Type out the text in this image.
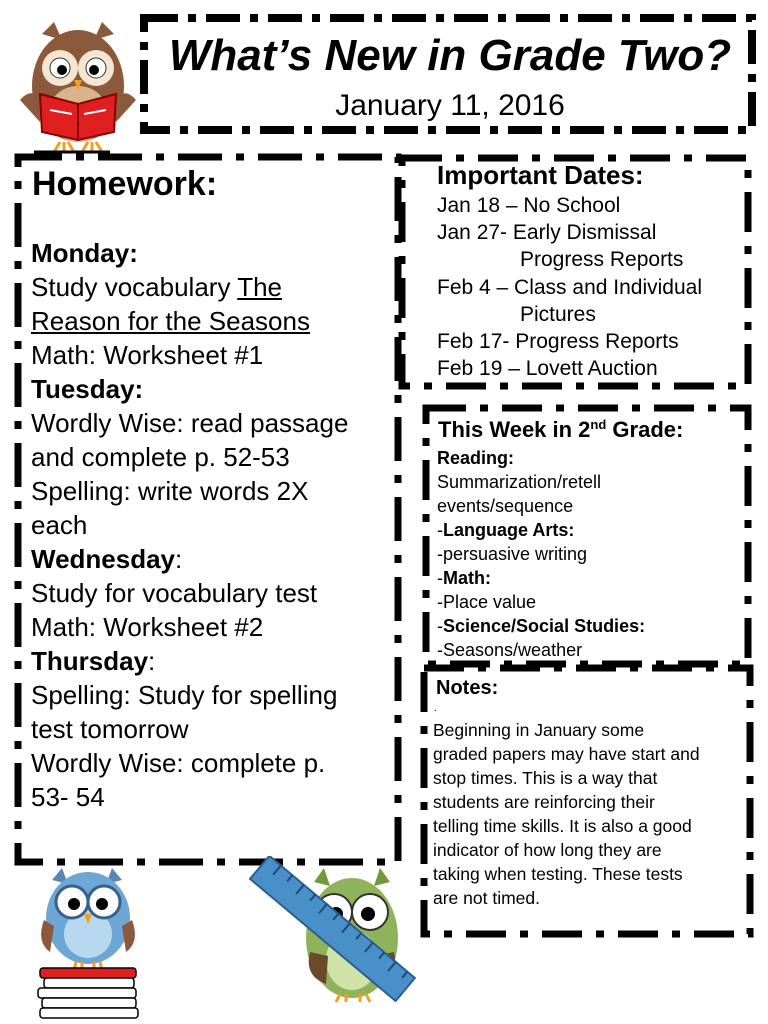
What’s New in Grade Two?
January 11, 2016
Homework:
Monday:
Study vocabulary The
Reason for the Seasons
Math: Worksheet #1
Tuesday:
Wordly Wise: read passage
and complete p. 52-53
Spelling: write words 2X
each
Wednesday:
Study for vocabulary test
Math: Worksheet #2
Thursday:
Spelling: Study for spelling
test tomorrow
Wordly Wise: complete p.
53- 54
Important Dates:
Jan 18 – No School
Jan 27- Early Dismissal
Progress Reports
Feb 4 – Class and Individual
Pictures
Feb 17- Progress Reports
Feb 19 – Lovett Auction
This Week in 2nd Grade:
Reading:
Summarization/retell
events/sequence
-Language Arts:
-persuasive writing
-Math:
-Place value
-Science/Social Studies:
-Seasons/weather
Notes:
.
Beginning in January some
graded papers may have start and
stop times. This is a way that
students are reinforcing their
telling time skills. It is also a good
indicator of how long they are
taking when testing. These tests
are not timed.
